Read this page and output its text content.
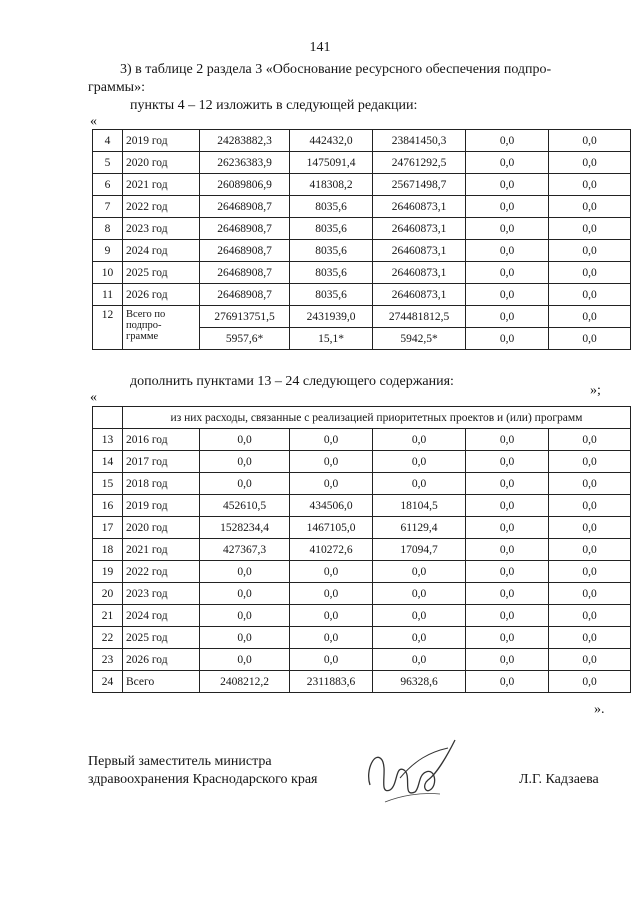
141
3) в таблице 2 раздела 3 «Обоснование ресурсного обеспечения подпро-
граммы»:
пункты 4 – 12 изложить в следующей редакции:
«
4	2019 год	24283882,3	442432,0	23841450,3	0,0	0,0
5	2020 год	26236383,9	1475091,4	24761292,5	0,0	0,0
6	2021 год	26089806,9	418308,2	25671498,7	0,0	0,0
7	2022 год	26468908,7	8035,6	26460873,1	0,0	0,0
8	2023 год	26468908,7	8035,6	26460873,1	0,0	0,0
9	2024 год	26468908,7	8035,6	26460873,1	0,0	0,0
10	2025 год	26468908,7	8035,6	26460873,1	0,0	0,0
11	2026 год	26468908,7	8035,6	26460873,1	0,0	0,0
12	Всего по
подпро-
грамме	276913751,5	2431939,0	274481812,5	0,0	0,0
		5957,6*	15,1*	5942,5*	0,0	0,0
»;
дополнить пунктами 13 – 24 следующего содержания:
«
	из них расходы, связанные с реализацией приоритетных проектов и (или) программ					
13	2016 год	0,0	0,0	0,0	0,0	0,0
14	2017 год	0,0	0,0	0,0	0,0	0,0
15	2018 год	0,0	0,0	0,0	0,0	0,0
16	2019 год	452610,5	434506,0	18104,5	0,0	0,0
17	2020 год	1528234,4	1467105,0	61129,4	0,0	0,0
18	2021 год	427367,3	410272,6	17094,7	0,0	0,0
19	2022 год	0,0	0,0	0,0	0,0	0,0
20	2023 год	0,0	0,0	0,0	0,0	0,0
21	2024 год	0,0	0,0	0,0	0,0	0,0
22	2025 год	0,0	0,0	0,0	0,0	0,0
23	2026 год	0,0	0,0	0,0	0,0	0,0
24	Всего	2408212,2	2311883,6	96328,6	0,0	0,0
».
Первый заместитель министра
здравоохранения Краснодарского края	Л.Г. Кадзаева
